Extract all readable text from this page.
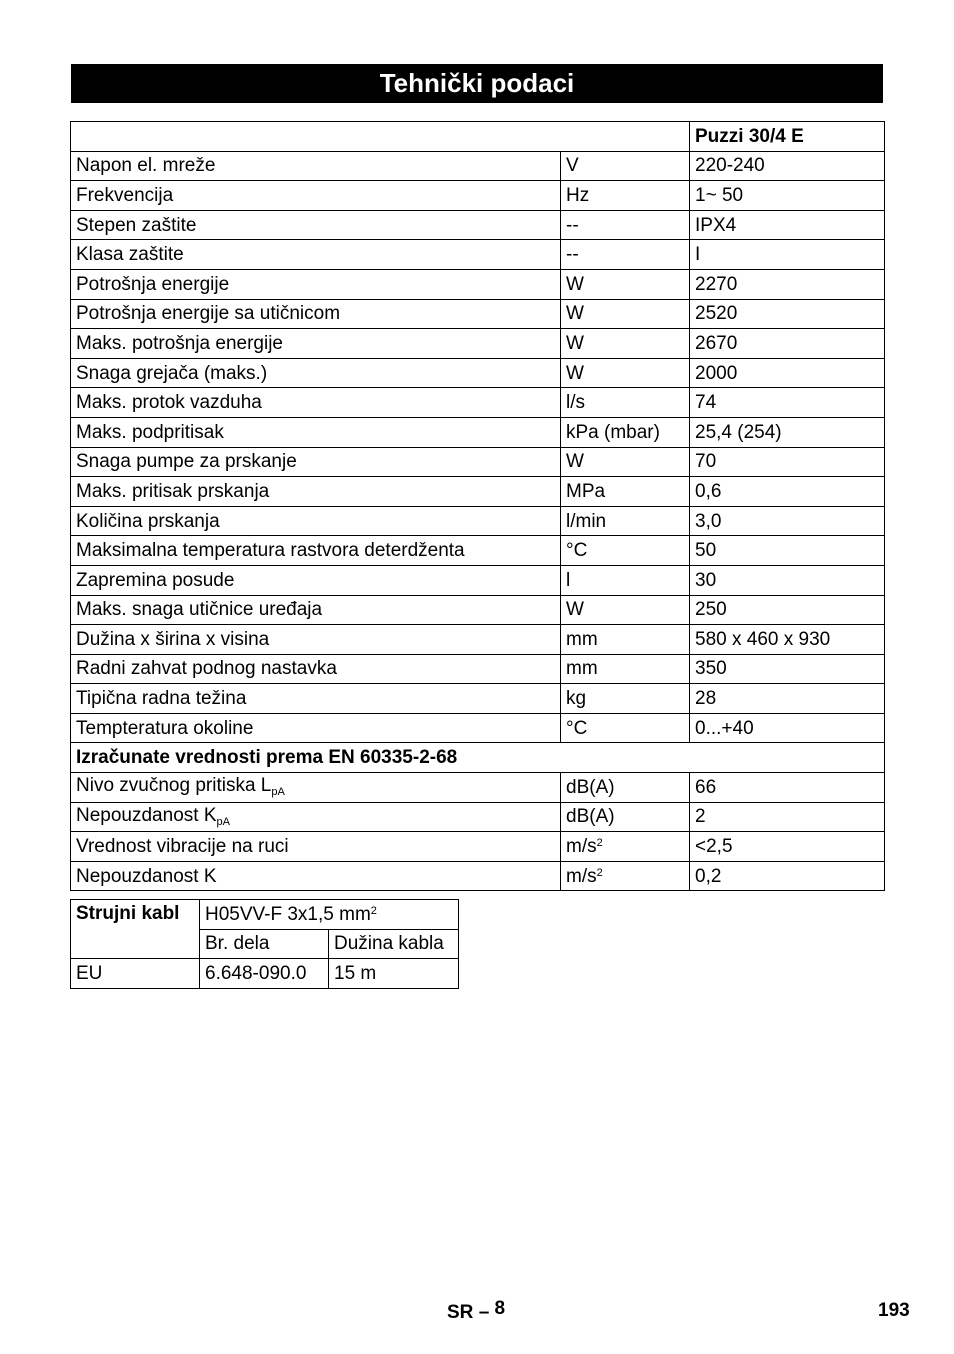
Tehnički podaci
		Puzzi 30/4 E
Napon el. mreže	V	220-240
Frekvencija	Hz	1~ 50
Stepen zaštite	--	IPX4
Klasa zaštite	--	I
Potrošnja energije	W	2270
Potrošnja energije sa utičnicom	W	2520
Maks. potrošnja energije	W	2670
Snaga grejača (maks.)	W	2000
Maks. protok vazduha	l/s	74
Maks. podpritisak	kPa (mbar)	25,4 (254)
Snaga pumpe za prskanje	W	70
Maks. pritisak prskanja	MPa	0,6
Količina prskanja	l/min	3,0
Maksimalna temperatura rastvora deterdženta	°C	50
Zapremina posude	l	30
Maks. snaga utičnice uređaja	W	250
Dužina x širina x visina	mm	580 x 460 x 930
Radni zahvat podnog nastavka	mm	350
Tipična radna težina	kg	28
Tempteratura okoline	°C	0...+40
Izračunate vrednosti prema EN 60335-2-68		
Nivo zvučnog pritiska $L_{pA}$	dB(A)	66
Nepouzdanost $K_{pA}$	dB(A)	2
Vrednost vibracije na ruci	$m/s^2$	<2,5
Nepouzdanost K	$m/s^2$	0,2
Strujni kabl	H05VV-F 3x1,5 $mm^2$
	Br. dela	Dužina kabla
EU	6.648-090.0	15 m
SR – $^8$	193
